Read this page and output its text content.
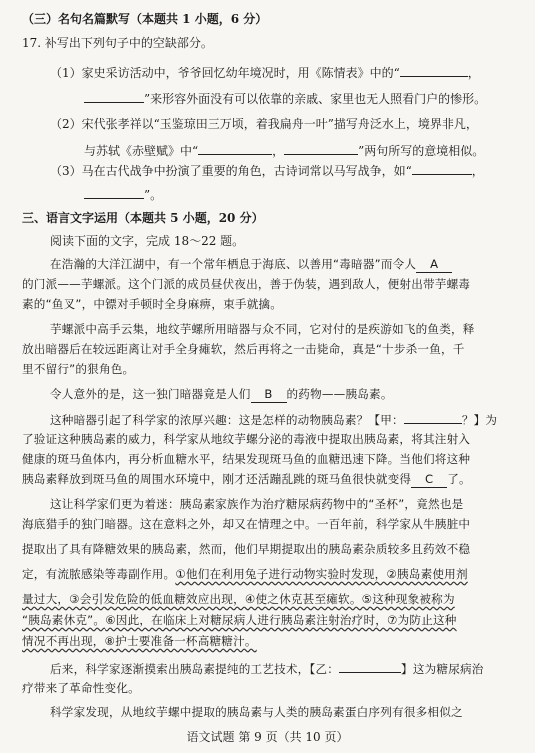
（三）名句名篇默写（本题共 1 小题，6 分）
17. 补写出下列句子中的空缺部分。
（1）家史采访活动中，爷爷回忆幼年境况时，用《陈情表》中的“	，
”来形容外面没有可以依靠的亲戚、家里也无人照看门户的惨形。
（2）宋代张孝祥以“玉鉴琼田三万顷，着我扁舟一叶”描写舟泛水上，境界非凡，
与苏轼《赤壁赋》中“	，	”两句所写的意境相似。
（3）马在古代战争中扮演了重要的角色，古诗词常以马写战争，如“	，
”。
三、语言文字运用（本题共 5 小题，20 分）
阅读下面的文字，完成 18～22 题。
在浩瀚的大洋江湖中，有一个常年栖息于海底、以善用“毒暗器”而令人 A
的门派——芋螺派。这个门派的成员昼伏夜出，善于伪装，遇到敌人，便射出带芋螺毒
素的“鱼叉”，中镖对手顿时全身麻痹，束手就擒。
芋螺派中高手云集，地纹芋螺所用暗器与众不同，它对付的是疾游如飞的鱼类，释
放出暗器后在较远距离让对手全身瘫软，然后再将之一击毙命，真是“十步杀一鱼，千
里不留行”的狠角色。
令人意外的是，这一独门暗器竟是人们 B 的药物——胰岛素。
这种暗器引起了科学家的浓厚兴趣：这是怎样的动物胰岛素？【甲：	？】为
了验证这种胰岛素的威力，科学家从地纹芋螺分泌的毒液中提取出胰岛素，将其注射入
健康的斑马鱼体内，再分析血糖水平，结果发现斑马鱼的血糖迅速下降。当他们将这种
胰岛素释放到斑马鱼的周围水环境中，刚才还活蹦乱跳的斑马鱼很快就变得 C 了。
这让科学家们更为着迷：胰岛素家族作为治疗糖尿病药物中的“圣杯”，竟然也是
海底猎手的独门暗器。这在意料之外，却又在情理之中。一百年前，科学家从牛胰脏中
提取出了具有降糖效果的胰岛素，然而，他们早期提取出的胰岛素杂质较多且药效不稳
定，有流脓感染等毒副作用。①他们在利用兔子进行动物实验时发现，②胰岛素使用剂
量过大，③会引发危险的低血糖效应出现，④使之休克甚至瘫软。⑤这种现象被称为
“胰岛素休克”。⑥因此，在临床上对糖尿病人进行胰岛素注射治疗时，⑦为防止这种
情况不再出现，⑧护士要准备一杯高糖糖汁。
后来，科学家逐渐摸索出胰岛素提纯的工艺技术，【乙：	】这为糖尿病治
疗带来了革命性变化。
科学家发现，从地纹芋螺中提取的胰岛素与人类的胰岛素蛋白序列有很多相似之
语文试题 第 9 页（共 10 页）
